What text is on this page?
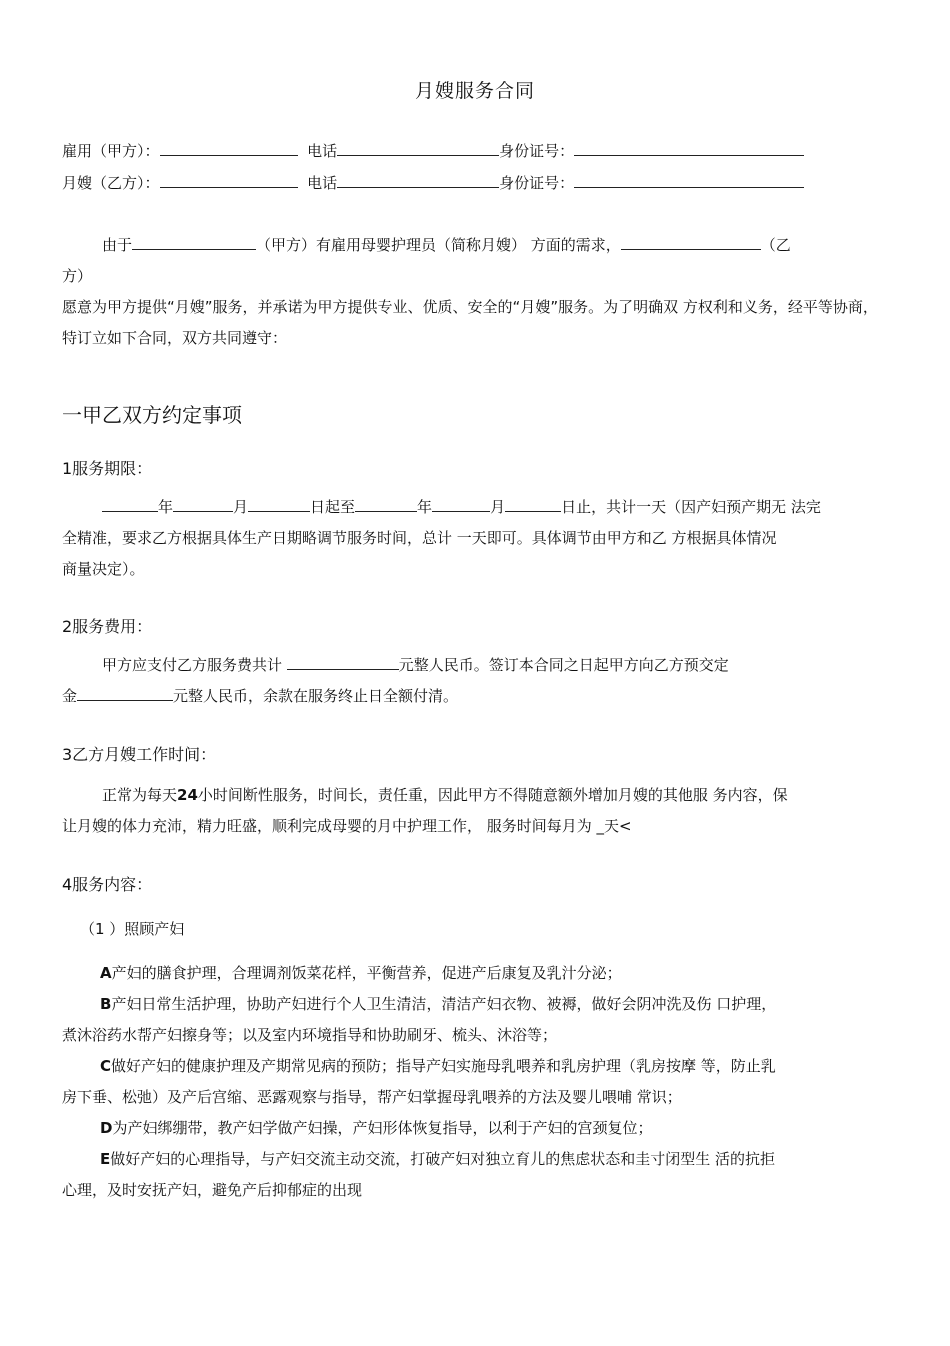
月嫂服务合同
雇用（甲方）：	电话	身份证号：
月嫂（乙方）：	电话	身份证号：
由于	（甲方）有雇用母婴护理员（简称月嫂） 方面的需求，	（乙
方）
愿意为甲方提供“月嫂”服务，并承诺为甲方提供专业、优质、安全的“月嫂”服务。为了明确双 方权利和义务，经平等协商，特订立如下合同，双方共同遵守：
一甲乙双方约定事项
1服务期限：
年	月	日起至	年	月	日止，共计一天（因产妇预产期无 法完
全精准，要求乙方根据具体生产日期略调节服务时间，总计 一天即可。具体调节由甲方和乙 方根据具体情况
商量决定）。
2服务费用：
甲方应支付乙方服务费共计	元整人民币。签订本合同之日起甲方向乙方预交定
金	元整人民币，余款在服务终止日全额付清。
3乙方月嫂工作时间：
正常为每天24小时间断性服务，时间长，责任重，因此甲方不得随意额外增加月嫂的其他服 务内容，保
让月嫂的体力充沛，精力旺盛，顺利完成母婴的月中护理工作， 服务时间每月为 _天<
4服务内容：
（1 ）照顾产妇
A产妇的膳食护理，合理调剂饭菜花样，平衡营养，促进产后康复及乳汁分泌；
B产妇日常生活护理，协助产妇进行个人卫生清洁，清洁产妇衣物、被褥，做好会阴冲洗及伤 口护理，
煮沐浴药水帮产妇擦身等；以及室内环境指导和协助刷牙、梳头、沐浴等；
C做好产妇的健康护理及产期常见病的预防；指导产妇实施母乳喂养和乳房护理（乳房按摩 等，防止乳
房下垂、松弛）及产后宫缩、恶露观察与指导，帮产妇掌握母乳喂养的方法及婴儿喂哺 常识；
D为产妇绑绷带，教产妇学做产妇操，产妇形体恢复指导，以利于产妇的宫颈复位；
E做好产妇的心理指导，与产妇交流主动交流，打破产妇对独立育儿的焦虑状态和圭寸闭型生 活的抗拒
心理，及时安抚产妇，避免产后抑郁症的出现
